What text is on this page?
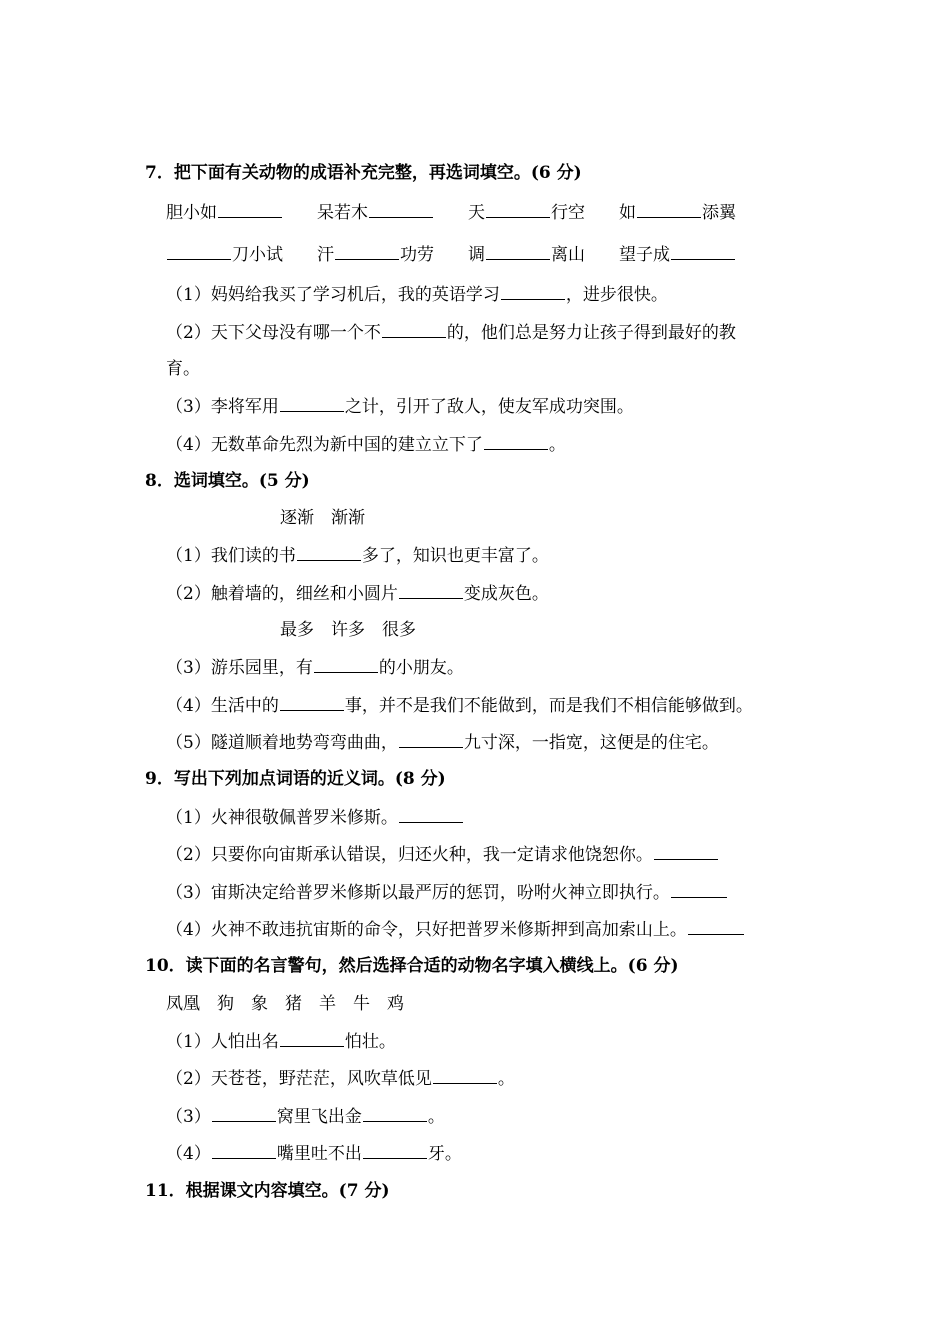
7．把下面有关动物的成语补充完整，再选词填空。(6 分)
胆小如	呆若木	天	行空 如	添翼
刀小试 汗	功劳 调	离山 望子成
（1）妈妈给我买了学习机后，我的英语学习	，进步很快。
（2）天下父母没有哪一个不	的，他们总是努力让孩子得到最好的教
育。
（3）李将军用	之计，引开了敌人，使友军成功突围。
（4）无数革命先烈为新中国的建立立下了	。
8．选词填空。(5 分)
逐渐　渐渐
（1）我们读的书	多了，知识也更丰富了。
（2）触着墙的，细丝和小圆片	变成灰色。
最多　许多　很多
（3）游乐园里，有	的小朋友。
（4）生活中的	事，并不是我们不能做到，而是我们不相信能够做到。
（5）隧道顺着地势弯弯曲曲，	九寸深，一指宽，这便是的住宅。
9．写出下列加点词语的近义词。(8 分)
（1）火神很敬佩普罗米修斯。
（2）只要你向宙斯承认错误，归还火种，我一定请求他饶恕你。
（3）宙斯决定给普罗米修斯以最严厉的惩罚，吩咐火神立即执行。
（4）火神不敢违抗宙斯的命令，只好把普罗米修斯押到高加索山上。
10．读下面的名言警句，然后选择合适的动物名字填入横线上。(6 分)
凤凰　狗　象　猪　羊　牛　鸡
（1）人怕出名	怕壮。
（2）天苍苍，野茫茫，风吹草低见	。
（3）	窝里飞出金	。
（4）	嘴里吐不出	牙。
11．根据课文内容填空。(7 分)
